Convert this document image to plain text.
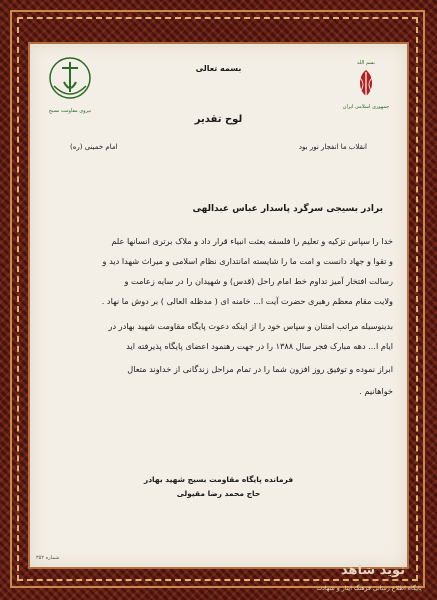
نیروی مقاومت بسیج
بسم الله
جمهوری اسلامی ایران
بسمه تعالی
لوح تقدیر
انقلاب ما انفجار نور بود
امام خمینی (ره)
برادر بسیجی سرگرد پاسدار عباس عبدالهی
خدا را سپاس تزکیه و تعلیم را فلسفه بعثت انبیاء قرار داد و ملاک برتری انسانها علم
و تقوا و جهاد دانست و امت ما را شایسته امانتداری نظام اسلامی و میراث شهدا دید و
رسالت افتخار آمیز تداوم خط امام راحل (قدس) و شهیدان را در سایه زعامت و
ولایت مقام معظم رهبری حضرت آیت ا... خامنه ای ( مدظله العالی ) بر دوش ما نهاد .
بدینوسیله مراتب امتنان و سپاس خود را از اینکه دعوت پایگاه مقاومت شهید بهادر در
ایام ا... دهه مبارک فجر سال ۱۳۸۸ را در جهت رهنمود اعضای پایگاه پذیرفته اید
ابراز نموده و توفیق روز افزون شما را در تمام مراحل زندگانی از خداوند متعال
خواهانیم .
فرمانده پایگاه مقاومت بسیج شهید بهادر
حاج محمد رضا مقیولی
شماره ۳۵۲
نوید شاهد
پایگاه اطلاع رسانی فرهنگ ایثار و شهادت
